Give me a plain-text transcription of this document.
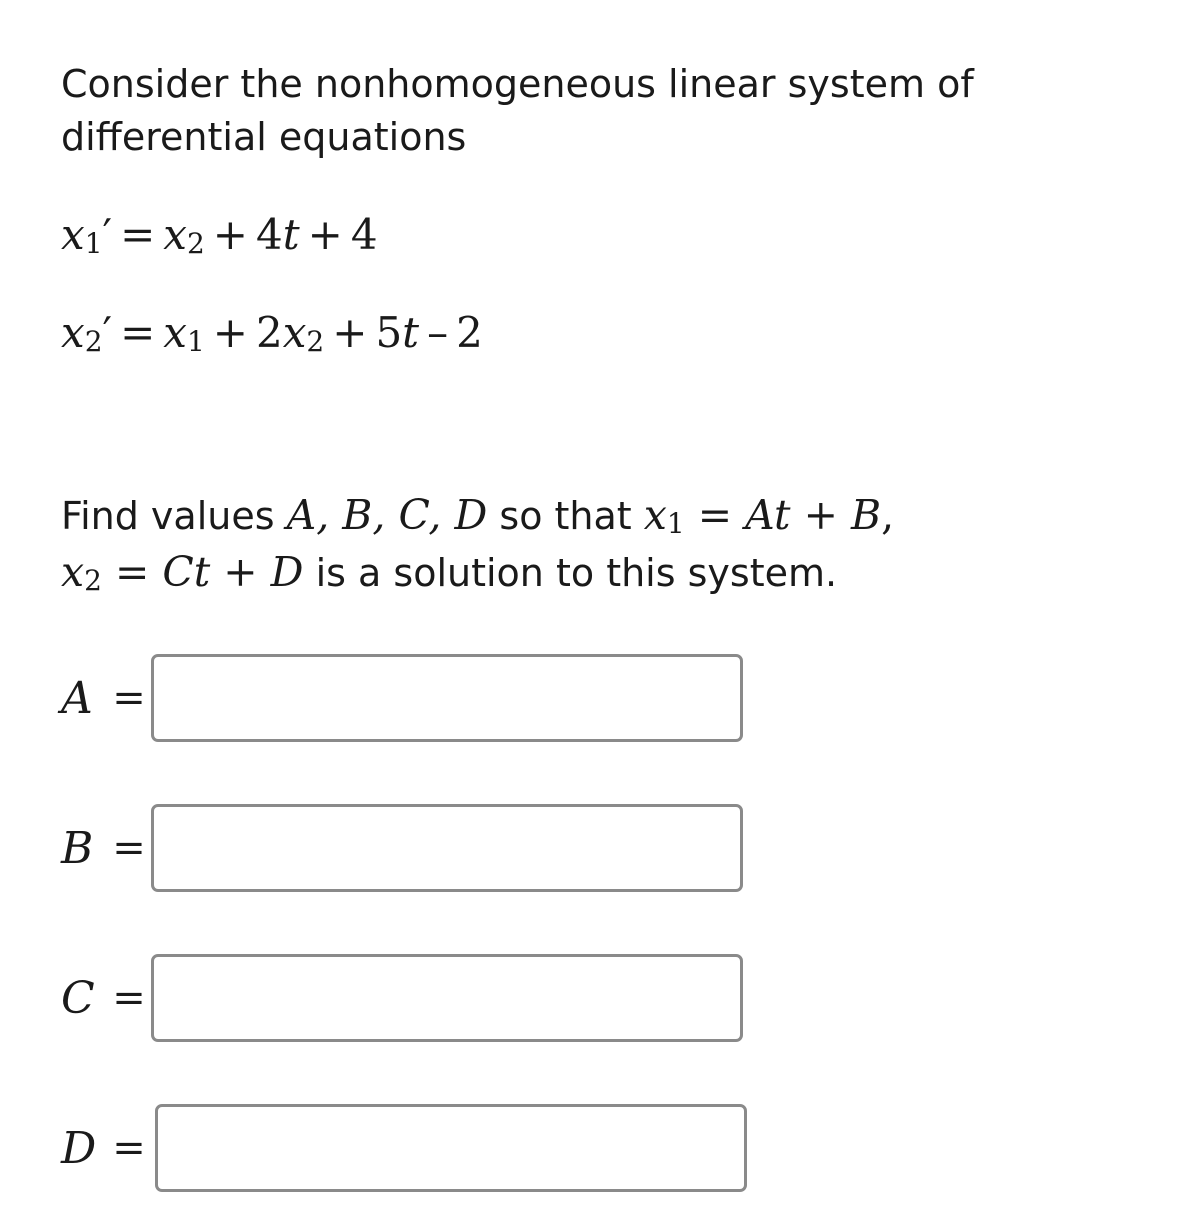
Consider the nonhomogeneous linear system of differential equations
$x_1' = x_2 + 4t + 4$
$x_2' = x_1 + 2x_2 + 5t - 2$
Find values A, B, C, D so that $x_1 = At + B$,
$x_2 = Ct + D$ is a solution to this system.
A =
B =
C =
D =
